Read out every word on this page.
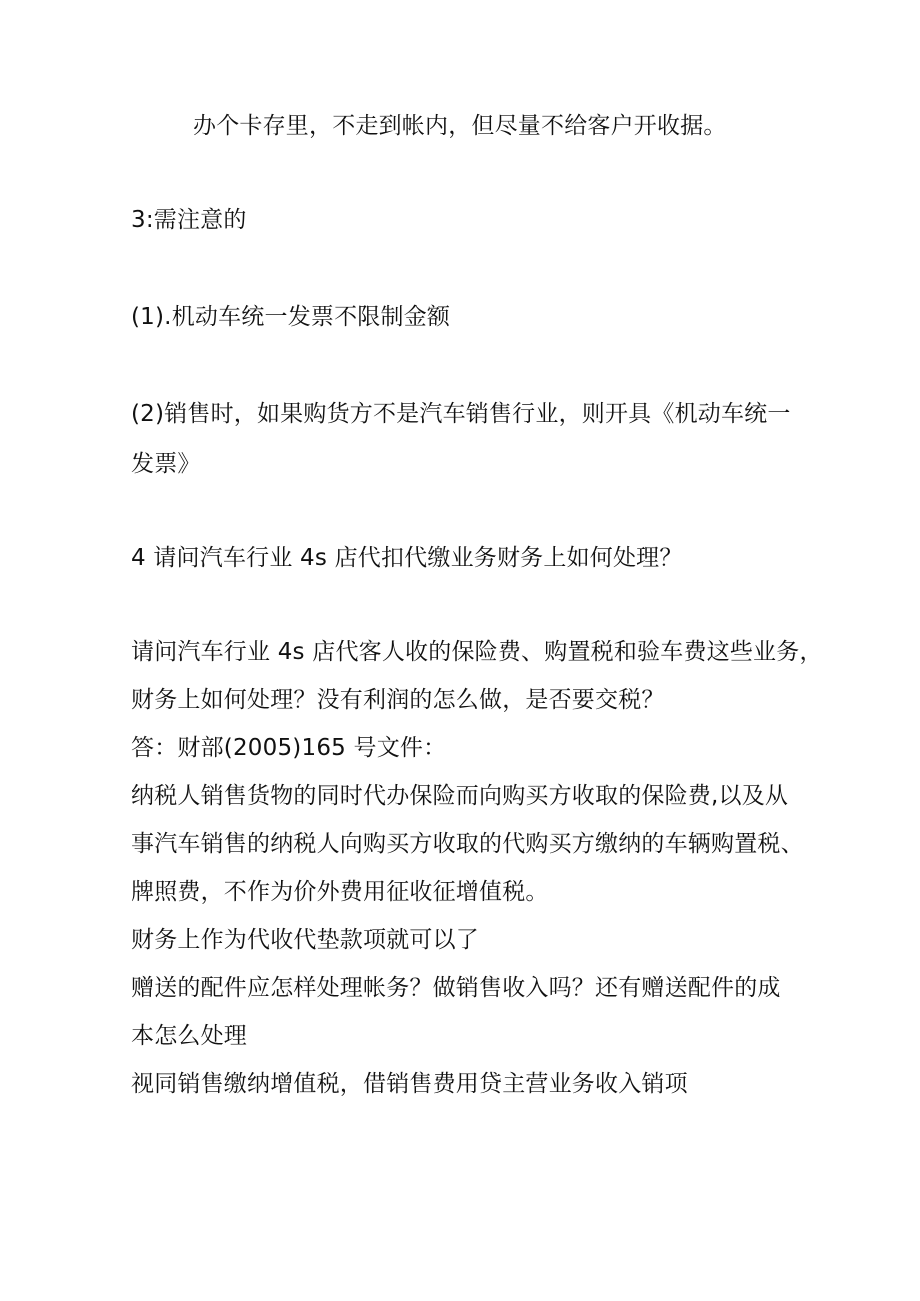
办个卡存里，不走到帐内，但尽量不给客户开收据。
3:需注意的
(1).机动车统一发票不限制金额
(2)销售时，如果购货方不是汽车销售行业，则开具《机动车统一
发票》
4 请问汽车行业 4s 店代扣代缴业务财务上如何处理？
请问汽车行业 4s 店代客人收的保险费、购置税和验车费这些业务，
财务上如何处理？没有利润的怎么做，是否要交税？
答：财部(2005)165 号文件：
纳税人销售货物的同时代办保险而向购买方收取的保险费,以及从
事汽车销售的纳税人向购买方收取的代购买方缴纳的车辆购置税、
牌照费，不作为价外费用征收征增值税。
财务上作为代收代垫款项就可以了
赠送的配件应怎样处理帐务？做销售收入吗？还有赠送配件的成
本怎么处理
视同销售缴纳增值税，借销售费用贷主营业务收入销项
